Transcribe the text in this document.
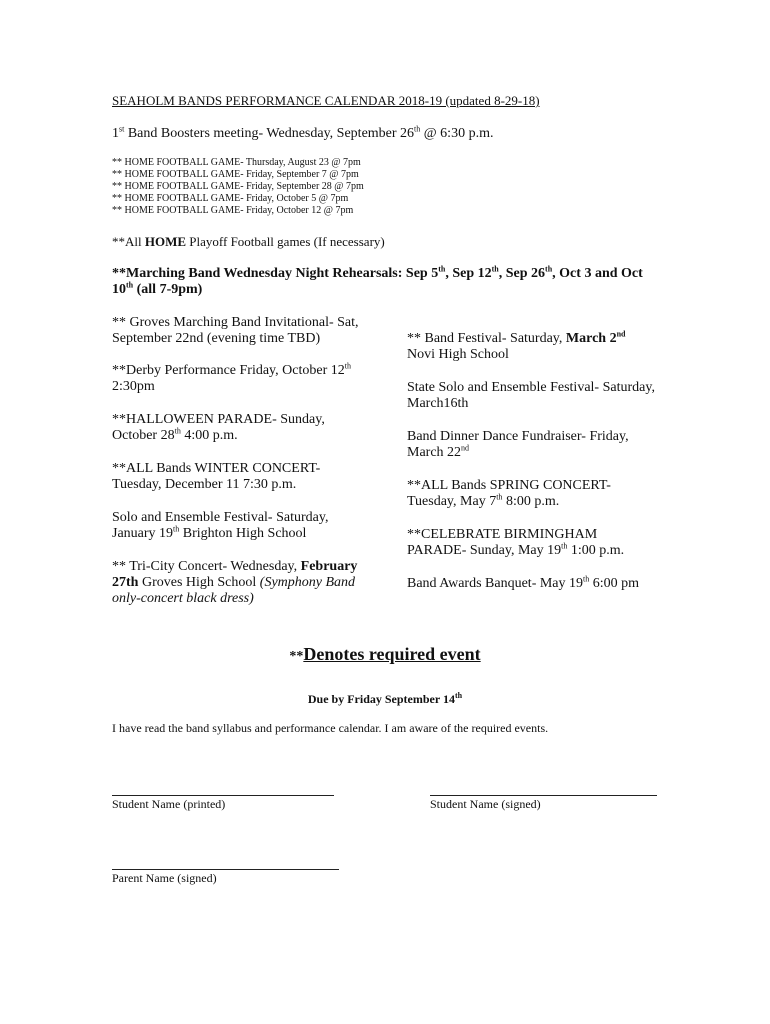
SEAHOLM BANDS PERFORMANCE CALENDAR 2018-19 (updated 8-29-18)
1st Band Boosters meeting- Wednesday, September 26th @ 6:30 p.m.
** HOME FOOTBALL GAME- Thursday, August 23 @ 7pm
** HOME FOOTBALL GAME- Friday, September 7 @ 7pm
** HOME FOOTBALL GAME- Friday, September 28 @ 7pm
** HOME FOOTBALL GAME- Friday, October 5 @ 7pm
** HOME FOOTBALL GAME- Friday, October 12 @ 7pm
**All HOME Playoff Football games (If necessary)
**Marching Band Wednesday Night Rehearsals: Sep 5th, Sep 12th, Sep 26th, Oct 3 and Oct
10th (all 7-9pm)
** Groves Marching Band Invitational- Sat,
September 22nd (evening time TBD)
**Derby Performance Friday, October 12th
2:30pm
**HALLOWEEN PARADE- Sunday,
October 28th 4:00 p.m.
**ALL Bands WINTER CONCERT-
Tuesday, December 11 7:30 p.m.
Solo and Ensemble Festival- Saturday,
January 19th Brighton High School
** Tri-City Concert- Wednesday, February
27th Groves High School (Symphony Band
only-concert black dress)
** Band Festival- Saturday, March 2nd
Novi High School
State Solo and Ensemble Festival- Saturday,
March16th
Band Dinner Dance Fundraiser- Friday,
March 22nd
**ALL Bands SPRING CONCERT-
Tuesday, May 7th 8:00 p.m.
**CELEBRATE BIRMINGHAM
PARADE- Sunday, May 19th 1:00 p.m.
Band Awards Banquet- May 19th 6:00 pm
**Denotes required event
Due by Friday September 14th
I have read the band syllabus and performance calendar. I am aware of the required events.
Student Name (printed)	Student Name (signed)
Parent Name (signed)
